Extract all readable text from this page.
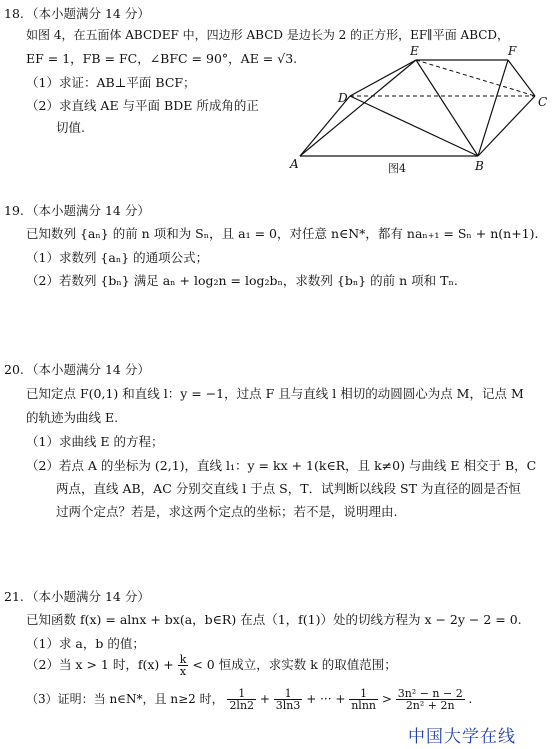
18. （本小题满分 14 分）
如图 4，在五面体 ABCDEF 中，四边形 ABCD 是边长为 2 的正方形，EF∥平面 ABCD，
EF = 1，FB = FC，∠BFC = 90°，AE = √3.
（1）求证：AB⊥平面 BCF；
（2）求直线 AE 与平面 BDE 所成角的正
切值.
A	B
C
D
E	F
图4
19. （本小题满分 14 分）
已知数列 {aₙ} 的前 n 项和为 Sₙ，且 a₁ = 0，对任意 n∈N*，都有 naₙ₊₁ = Sₙ + n(n+1).
（1）求数列 {aₙ} 的通项公式；
（2）若数列 {bₙ} 满足 aₙ + log₂n = log₂bₙ，求数列 {bₙ} 的前 n 项和 Tₙ.
20. （本小题满分 14 分）
已知定点 F(0,1) 和直线 l：y = −1，过点 F 且与直线 l 相切的动圆圆心为点 M，记点 M
的轨迹为曲线 E.
（1）求曲线 E 的方程；
（2）若点 A 的坐标为 (2,1)，直线 l₁：y = kx + 1(k∈R，且 k≠0) 与曲线 E 相交于 B，C
两点，直线 AB，AC 分别交直线 l 于点 S，T．试判断以线段 ST 为直径的圆是否恒
过两个定点？若是，求这两个定点的坐标；若不是，说明理由.
21. （本小题满分 14 分）
已知函数 f(x) = alnx + bx(a，b∈R) 在点（1，f(1)）处的切线方程为 x − 2y − 2 = 0.
（1）求 a，b 的值；
（2）当 x > 1 时，$f(x) + \frac{k}{x} < 0$ 恒成立，求实数 k 的取值范围；
（3）证明：当 n∈N*，且 n≥2 时， $\frac{1}{2\ln 2} + \frac{1}{3\ln 3}$ + ··· + $\frac{1}{nlnn} > \frac{\text{3n² − n − 2}}{\text{2n² + 2n}}$ .
中国大学在线
